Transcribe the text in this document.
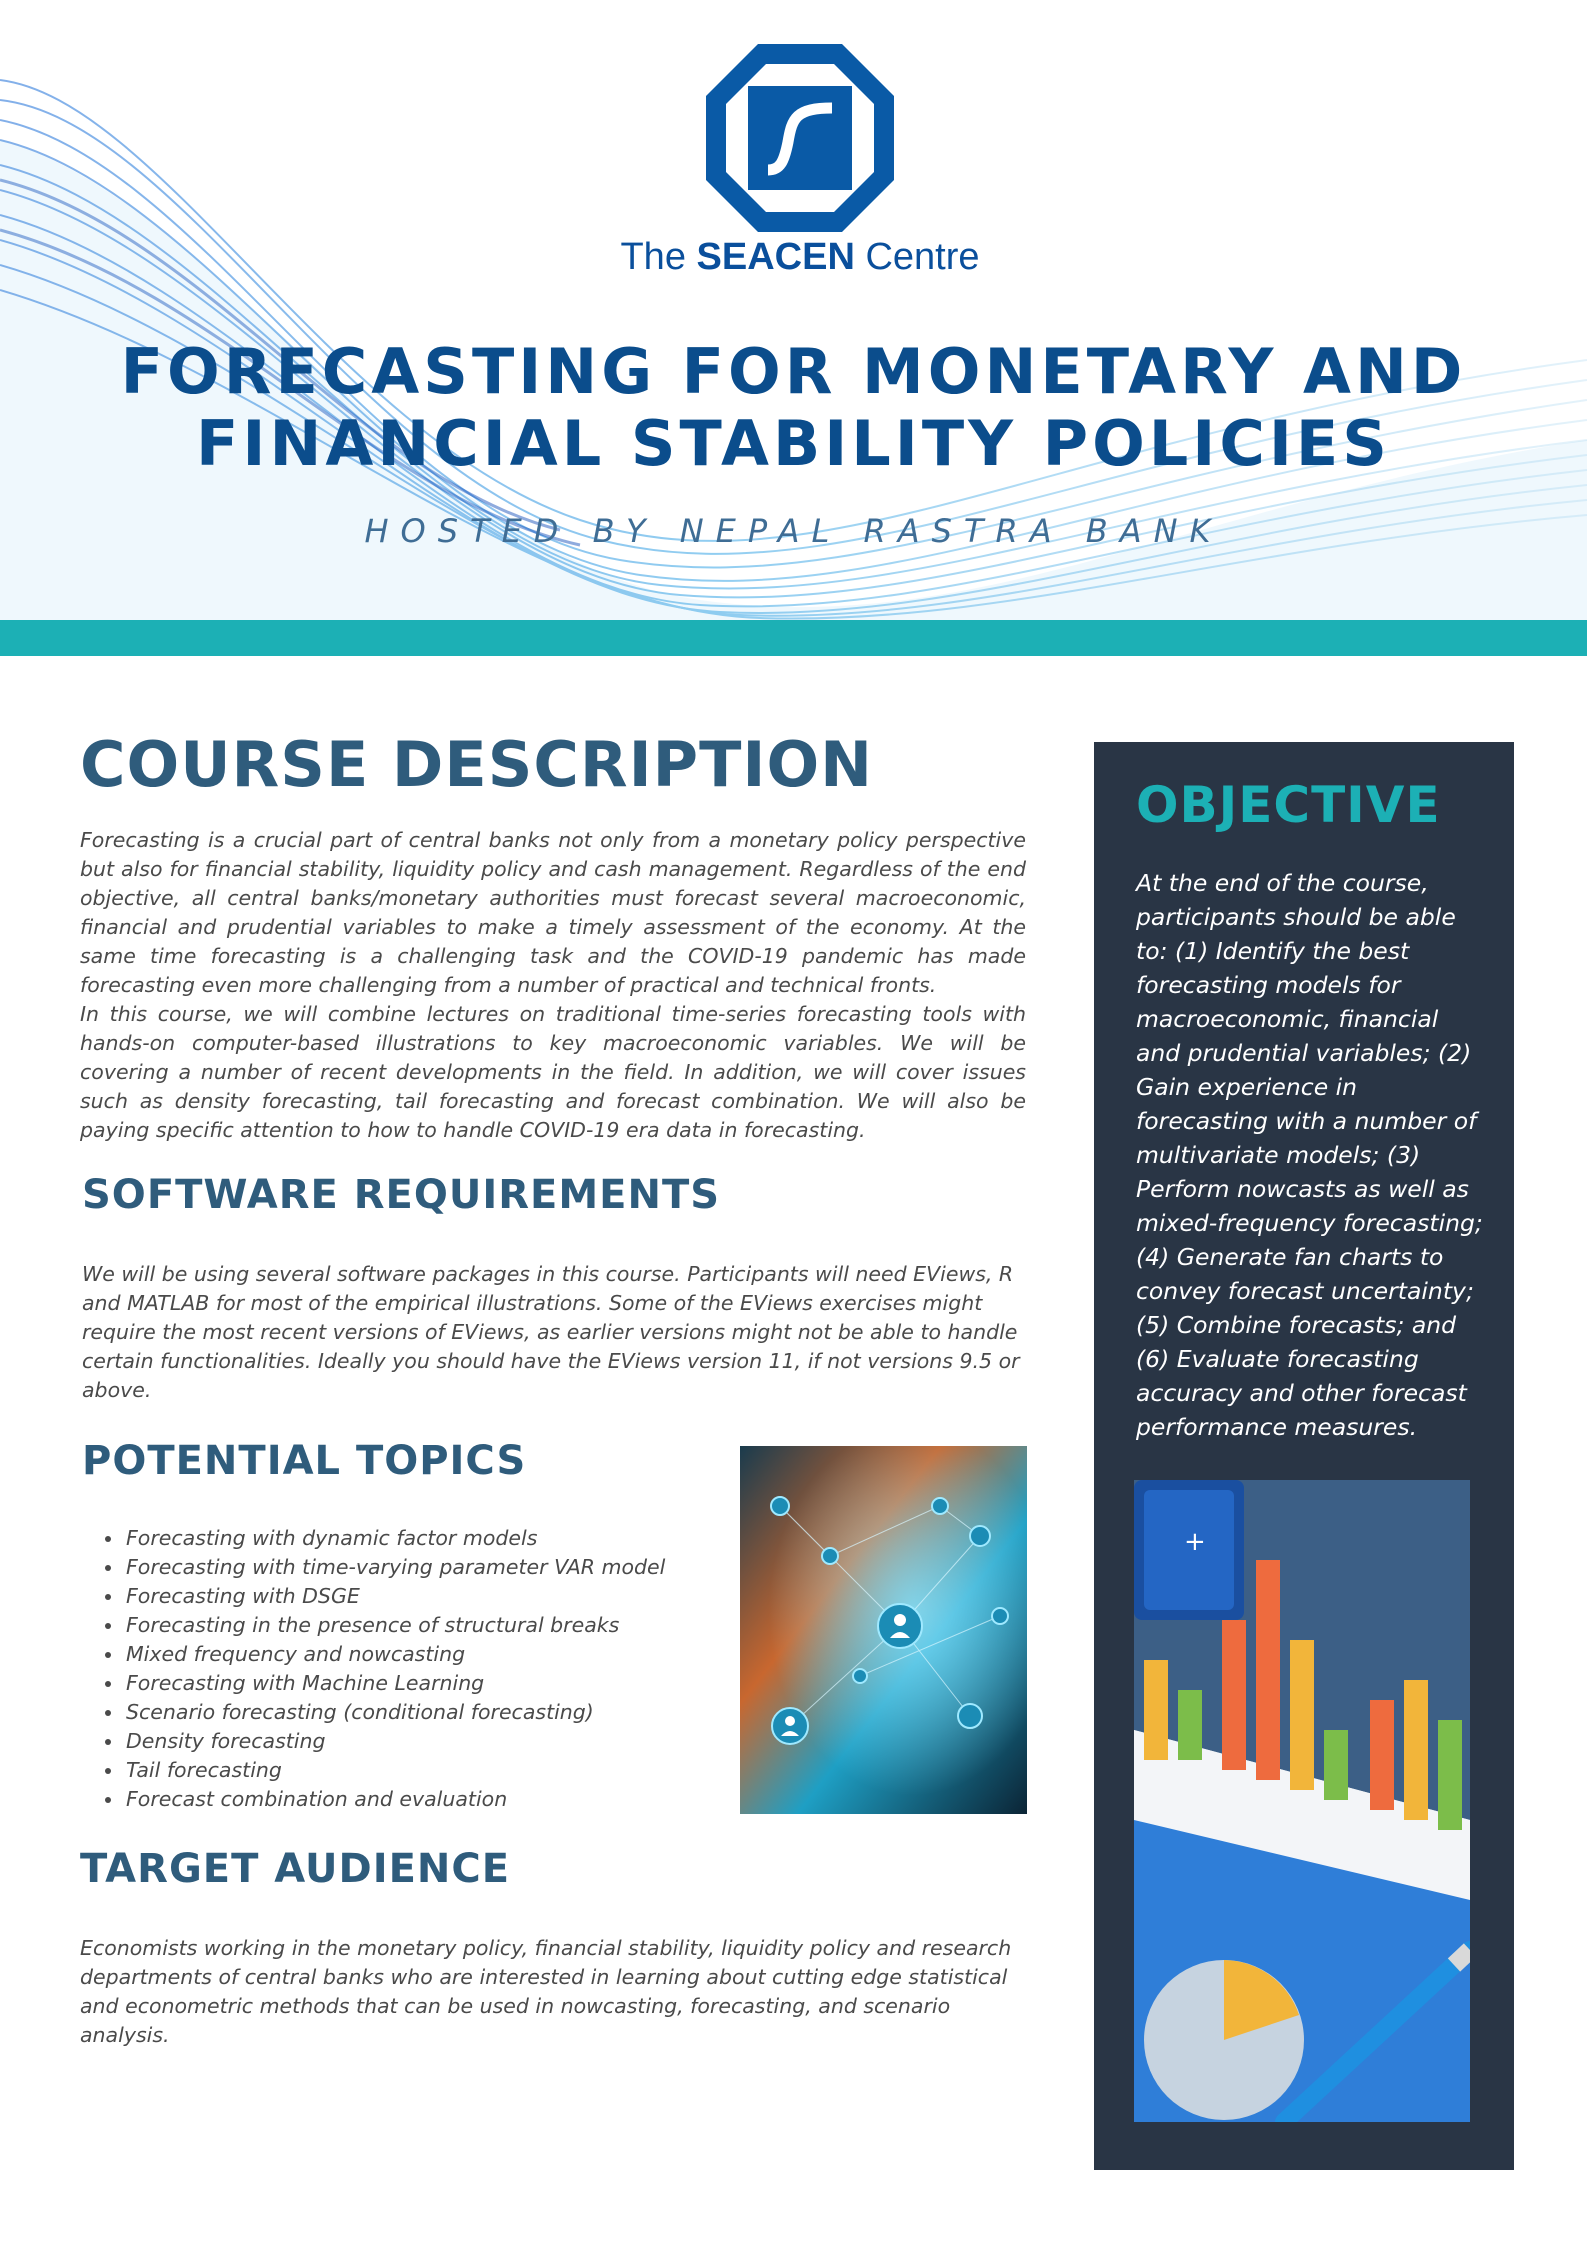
The SEACEN Centre
FORECASTING FOR MONETARY AND
FINANCIAL STABILITY POLICIES
HOSTED BY NEPAL RASTRA BANK
COURSE DESCRIPTION

Forecasting is a crucial part of central banks not only from a monetary policy perspective but also for financial stability, liquidity policy and cash management. Regardless of the end objective, all central banks/monetary authorities must forecast several macroeconomic, financial and prudential variables to make a timely assessment of the economy. At the same time forecasting is a challenging task and the COVID-19 pandemic has made forecasting even more challenging from a number of practical and technical fronts.

In this course, we will combine lectures on traditional time-series forecasting tools with hands-on computer-based illustrations to key macroeconomic variables. We will be covering a number of recent developments in the field. In addition, we will cover issues such as density forecasting, tail forecasting and forecast combination. We will also be paying specific attention to how to handle COVID-19 era data in forecasting.

SOFTWARE REQUIREMENTS

We will be using several software packages in this course. Participants will need EViews, R and MATLAB for most of the empirical illustrations. Some of the EViews exercises might require the most recent versions of EViews, as earlier versions might not be able to handle certain functionalities. Ideally you should have the EViews version 11, if not versions 9.5 or above.

POTENTIAL TOPICS
• Forecasting with dynamic factor models
• Forecasting with time-varying parameter VAR model
• Forecasting with DSGE
• Forecasting in the presence of structural breaks
• Mixed frequency and nowcasting
• Forecasting with Machine Learning
• Scenario forecasting (conditional forecasting)
• Density forecasting
• Tail forecasting
• Forecast combination and evaluation
TARGET AUDIENCE

Economists working in the monetary policy, financial stability, liquidity policy and research departments of central banks who are interested in learning about cutting edge statistical and econometric methods that can be used in nowcasting, forecasting, and scenario analysis.

OBJECTIVE

At the end of the course, participants should be able to: (1) Identify the best forecasting models for macroeconomic, financial and prudential variables; (2) Gain experience in forecasting with a number of multivariate models; (3) Perform nowcasts as well as mixed-frequency forecasting; (4) Generate fan charts to convey forecast uncertainty; (5) Combine forecasts; and (6) Evaluate forecasting accuracy and other forecast performance measures.

+
